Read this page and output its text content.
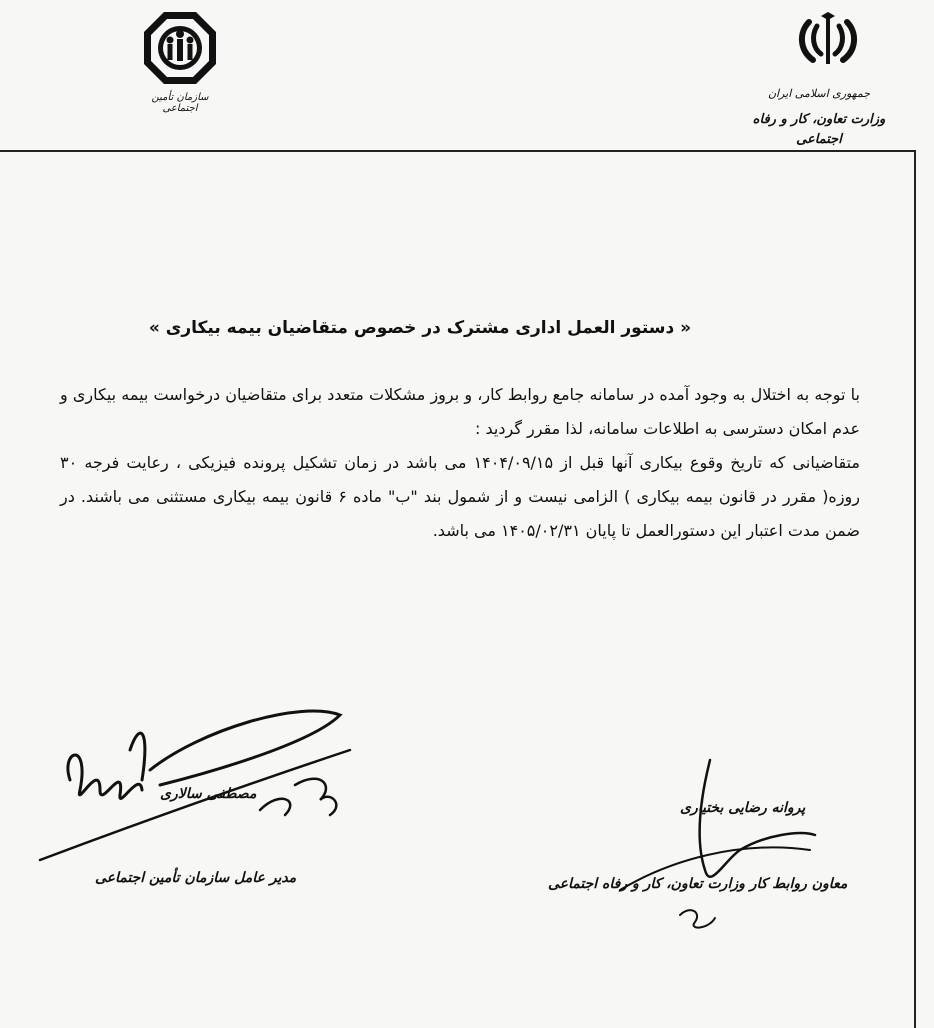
جمهوری اسلامی ایران
وزارت تعاون، کار و رفاه اجتماعی
سازمان تأمین اجتماعی
« دستور العمل اداری مشترک در خصوص متقاضیان بیمه بیکاری »

با توجه به اختلال به وجود آمده در سامانه جامع روابط کار، و بروز مشکلات متعدد برای متقاضیان درخواست بیمه بیکاری و عدم امکان دسترسی به اطلاعات سامانه، لذا مقرر گردید :

متقاضیانی که تاریخ وقوع بیکاری آنها قبل از ۱۴۰۴/۰۹/۱۵ می باشد در زمان تشکیل پرونده فیزیکی ، رعایت فرجه ۳۰ روزه( مقرر در قانون بیمه بیکاری ) الزامی نیست و از شمول بند "ب" ماده ۶ قانون بیمه بیکاری مستثنی می باشند. در ضمن مدت اعتبار این دستورالعمل تا پایان ۱۴۰۵/۰۲/۳۱ می باشد.

مصطفی سالاری
مدیر عامل سازمان تأمین اجتماعی
پروانه رضایی بختیاری
معاون روابط کار وزارت تعاون، کار و رفاه اجتماعی
